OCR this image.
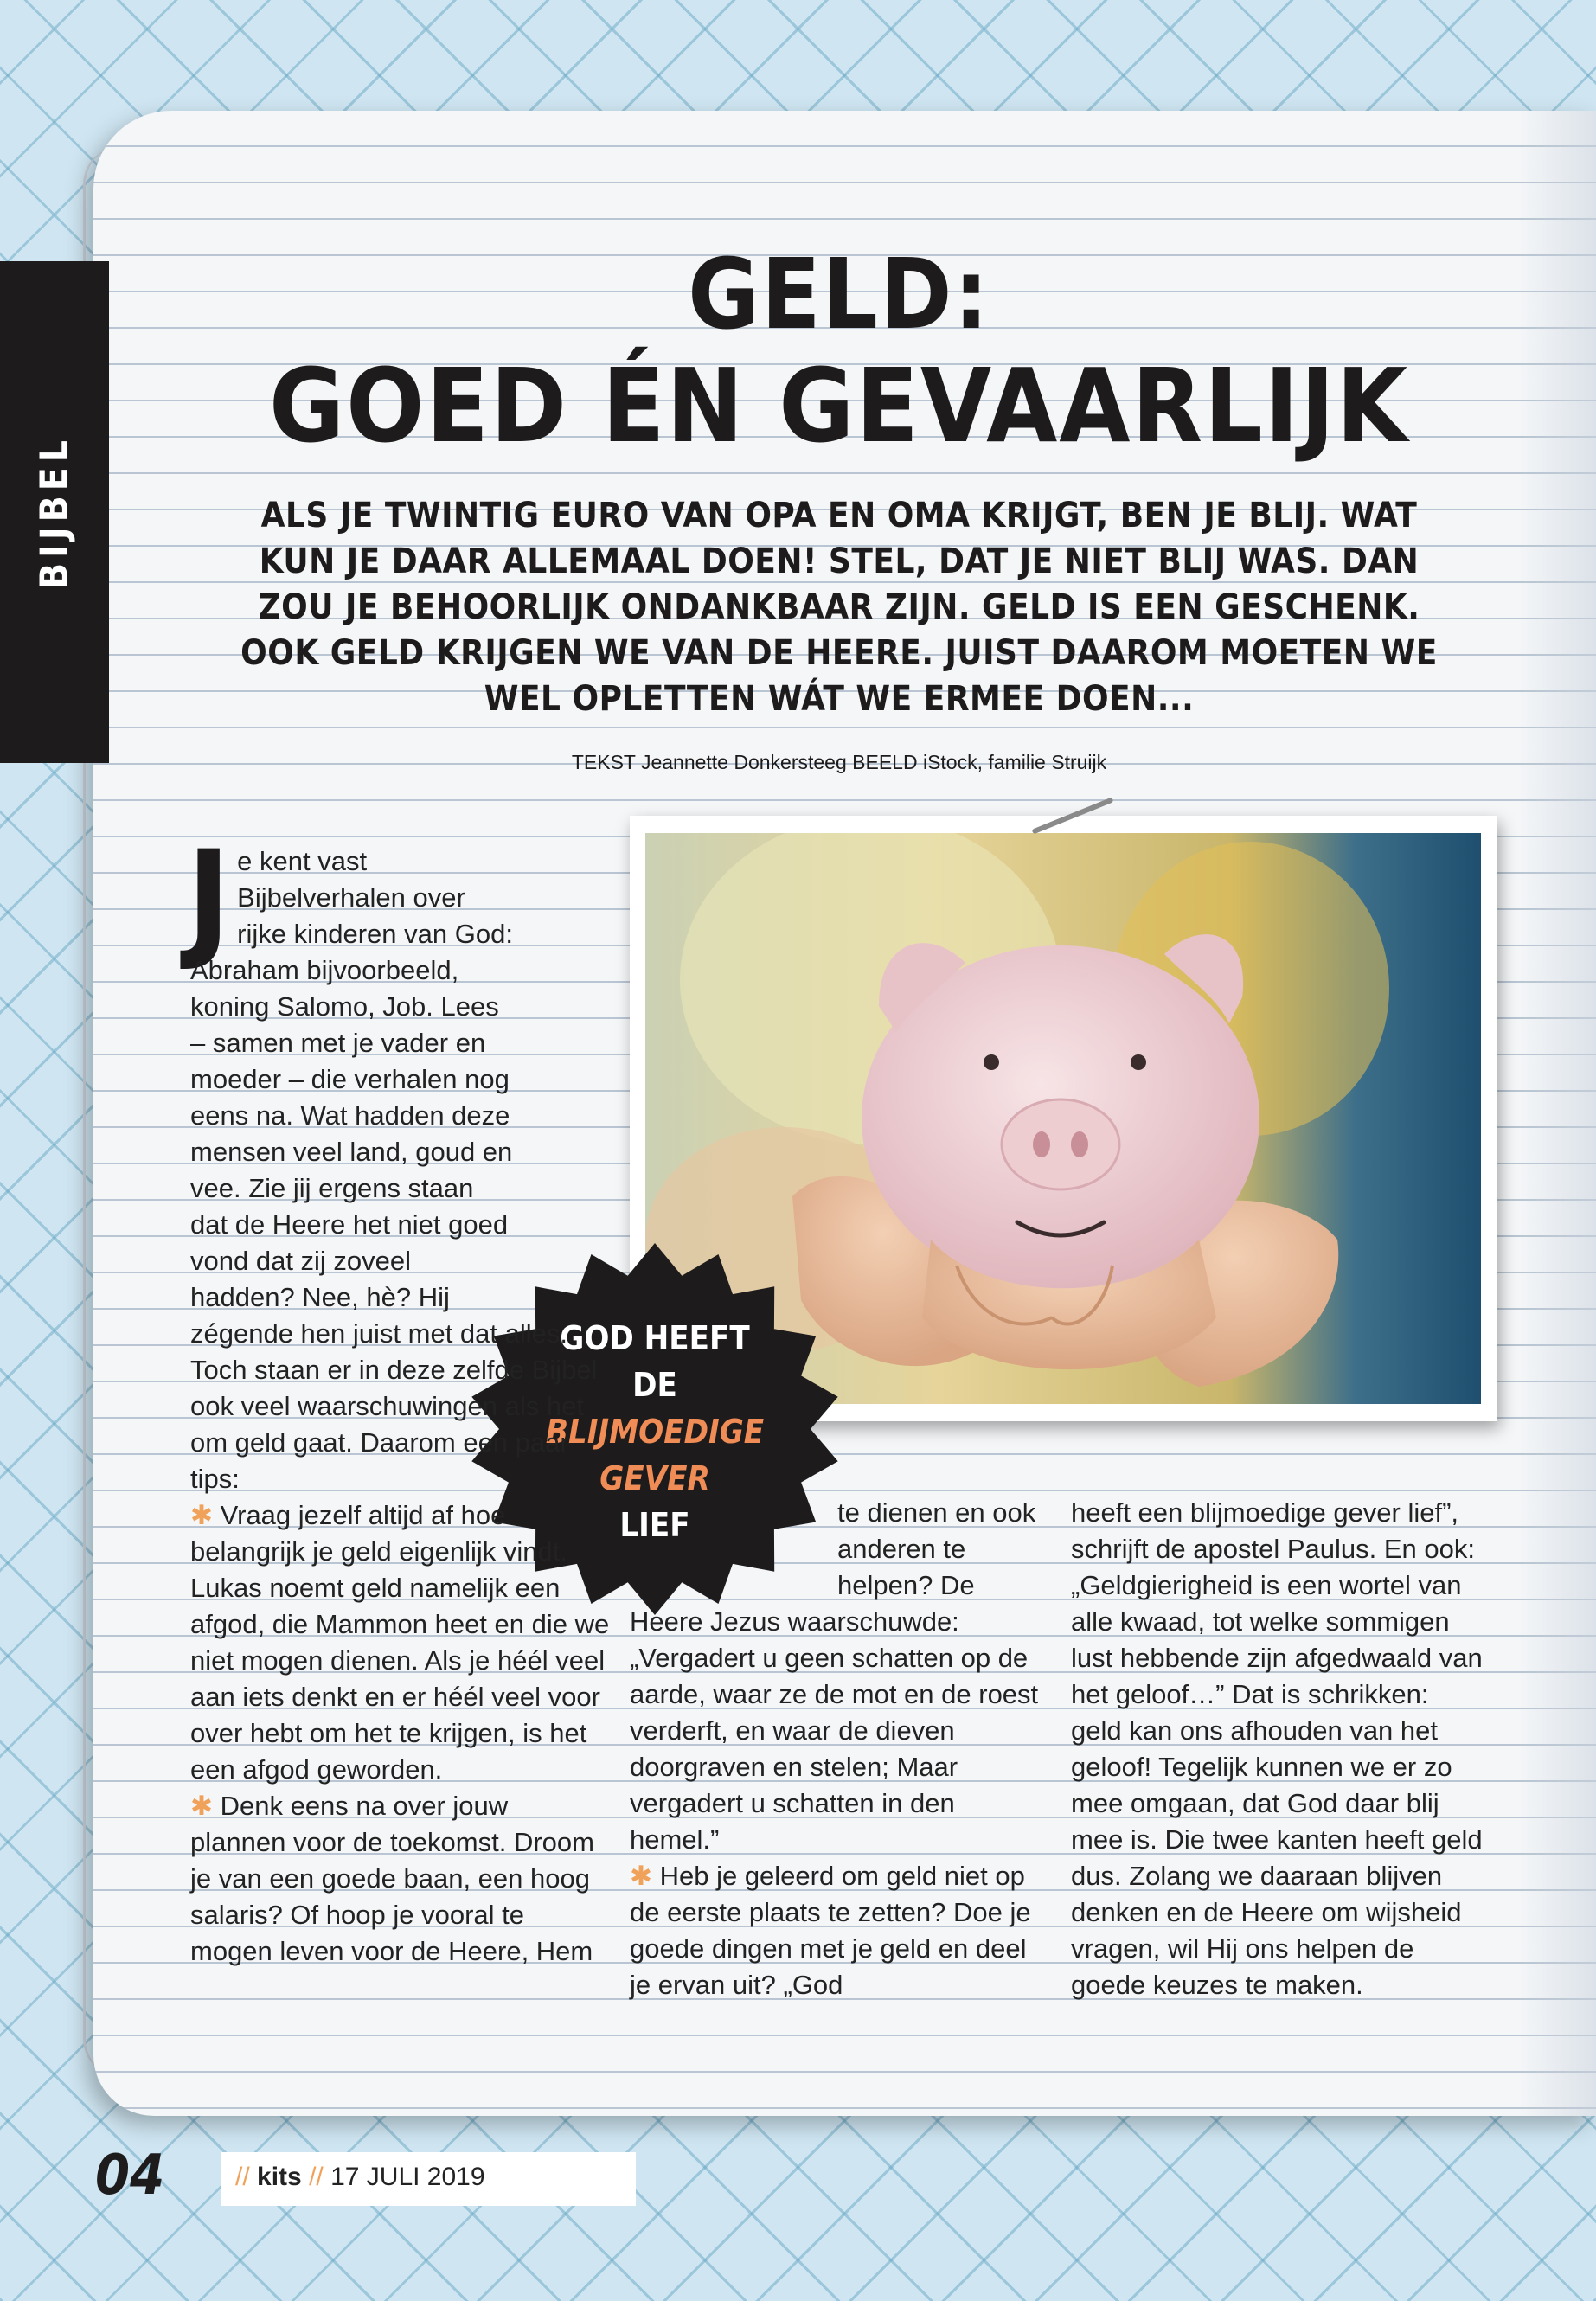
BIJBEL
GELD:
GOED ÉN GEVAARLIJK
ALS JE TWINTIG EURO VAN OPA EN OMA KRIJGT, BEN JE BLIJ. WAT KUN JE DAAR ALLEMAAL DOEN! STEL, DAT JE NIET BLIJ WAS. DAN ZOU JE BEHOORLIJK ONDANKBAAR ZIJN. GELD IS EEN GESCHENK. OOK GELD KRIJGEN WE VAN DE HEERE. JUIST DAAROM MOETEN WE WEL OPLETTEN WÁT WE ERMEE DOEN...
TEKST Jeannette Donkersteeg BEELD iStock, familie Struijk
GOD HEEFT
DE
BLIJMOEDIGE
GEVER
LIEF

Je kent vast Bijbelverhalen over rijke kinderen van God: Abraham bijvoorbeeld, koning Salomo, Job. Lees – samen met je vader en moeder – die verhalen nog eens na. Wat hadden deze mensen veel land, goud en vee. Zie jij ergens staan dat de Heere het niet goed vond dat zij zoveel hadden? Nee, hè? Hij zégende hen juist met dat alles. Toch staan er in deze zelfde Bijbel ook veel waarschuwingen als het om geld gaat. Daarom een paar tips:

✱ Vraag jezelf altijd af hoe belangrijk je geld eigenlijk vindt. Lukas noemt geld namelijk een afgod, die Mammon heet en die we niet mogen dienen. Als je héél veel aan iets denkt en er héél veel voor over hebt om het te krijgen, is het een afgod geworden.

✱ Denk eens na over jouw plannen voor de toekomst. Droom je van een goede baan, een hoog salaris? Of hoop je vooral te mogen leven voor de Heere, Hem

te dienen en ook anderen te helpen? De Heere Jezus waarschuwde: „Vergadert u geen schatten op de aarde, waar ze de mot en de roest verderft, en waar de dieven doorgraven en stelen; Maar vergadert u schatten in den hemel.”

✱ Heb je geleerd om geld niet op de eerste plaats te zetten? Doe je goede dingen met je geld en deel je ervan uit? „God

heeft een blijmoedige gever lief”, schrijft de apostel Paulus. En ook: „Geldgierigheid is een wortel van alle kwaad, tot welke sommigen lust hebbende zijn afgedwaald van het geloof…” Dat is schrikken: geld kan ons afhouden van het geloof! Tegelijk kunnen we er zo mee omgaan, dat God daar blij mee is. Die twee kanten heeft geld dus. Zolang we daaraan blijven denken en de Heere om wijsheid vragen, wil Hij ons helpen de goede keuzes te maken.

04	// kits // 17 JULI 2019
